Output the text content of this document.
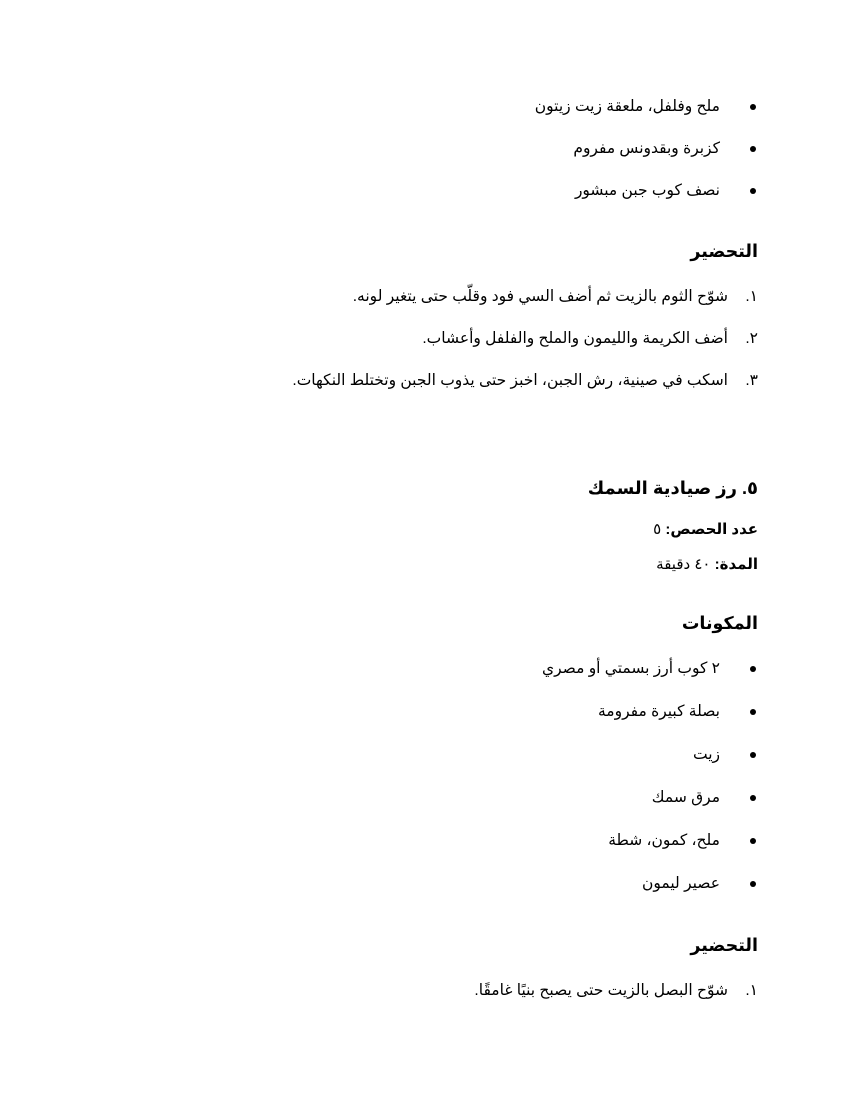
ملح وفلفل، ملعقة زيت زيتون
كزبرة وبقدونس مفروم
نصف كوب جبن مبشور
التحضير
١.
شوّح الثوم بالزيت ثم أضف السي فود وقلّب حتى يتغير لونه.
٢.
أضف الكريمة والليمون والملح والفلفل وأعشاب.
٣.
اسكب في صينية، رش الجبن، اخبز حتى يذوب الجبن وتختلط النكهات.
٥. رز صيادية السمك
عدد الحصص: ٥
المدة: ٤٠ دقيقة
المكونات
٢ كوب أرز بسمتي أو مصري
بصلة كبيرة مفرومة
زيت
مرق سمك
ملح، كمون، شطة
عصير ليمون
التحضير
١.
شوّح البصل بالزيت حتى يصبح بنيًا غامقًا.
